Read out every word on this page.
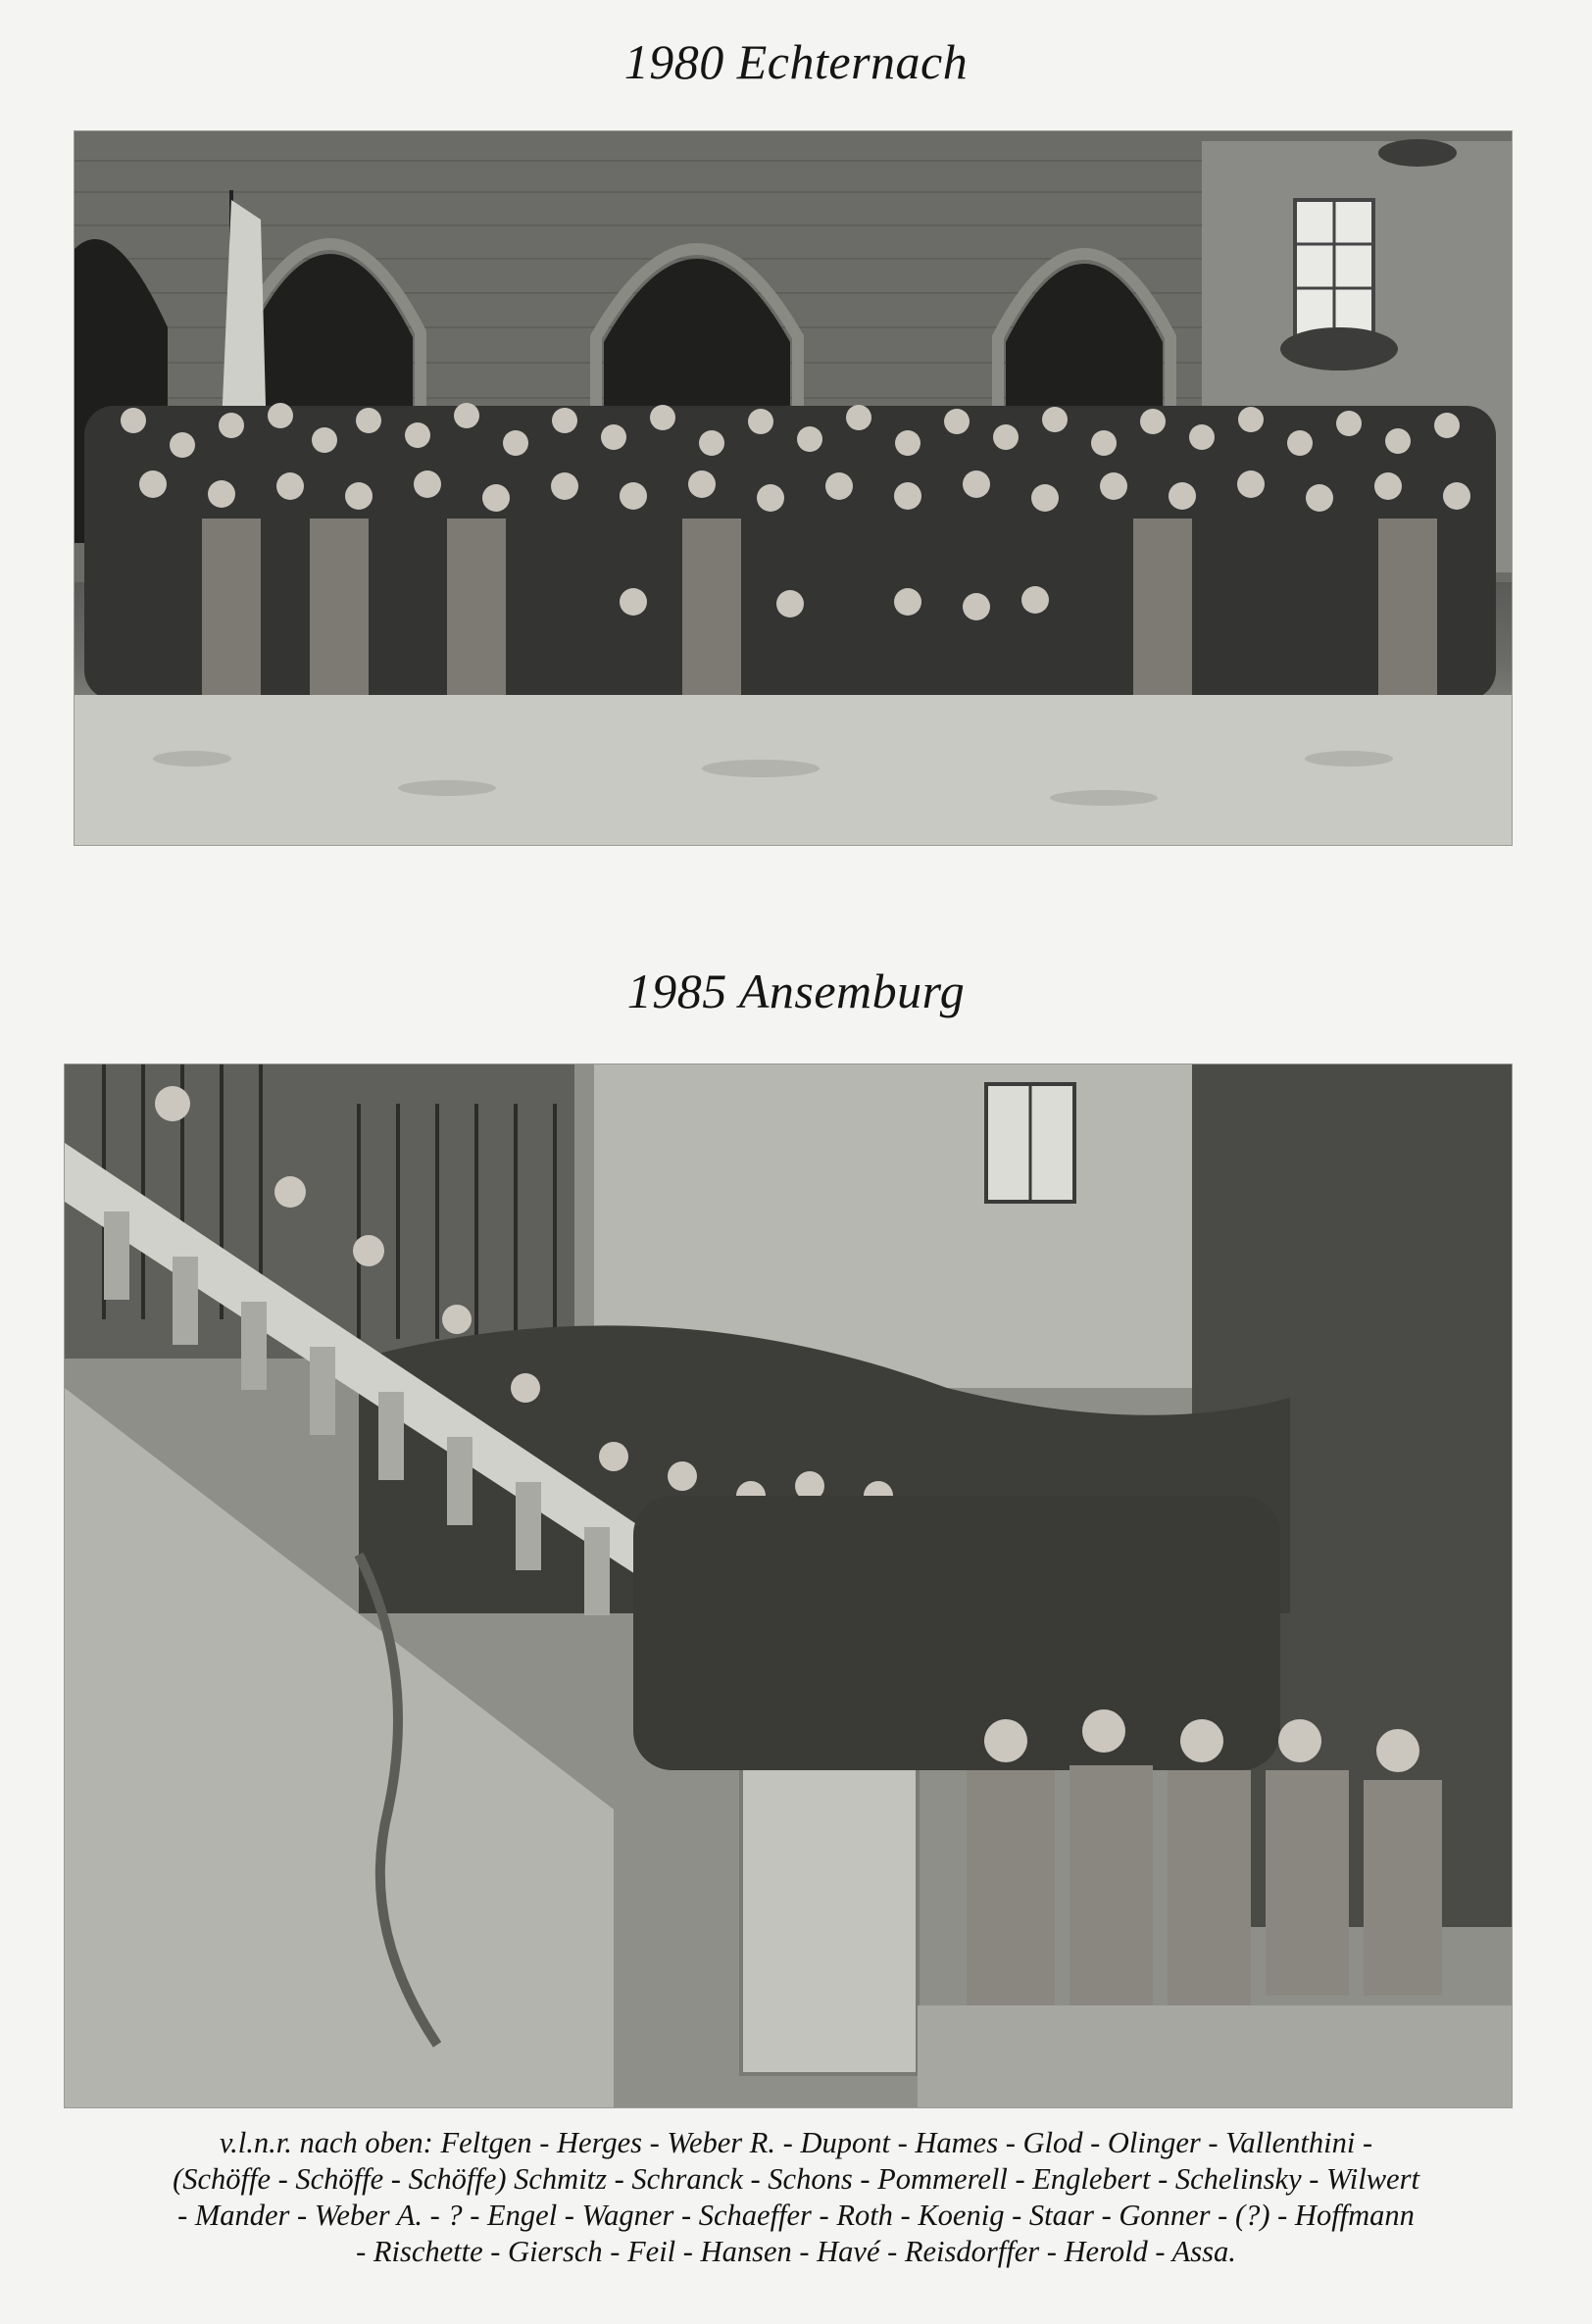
1980 Echternach
1985 Ansemburg
v.l.n.r. nach oben: Feltgen - Herges - Weber R. - Dupont - Hames - Glod - Olinger - Vallenthini -
(Schöffe - Schöffe - Schöffe) Schmitz - Schranck - Schons - Pommerell - Englebert - Schelinsky - Wilwert
- Mander - Weber A. - ? - Engel - Wagner - Schaeffer - Roth - Koenig - Staar - Gonner - (?) - Hoffmann
- Rischette - Giersch - Feil - Hansen - Havé - Reisdorffer - Herold - Assa.
